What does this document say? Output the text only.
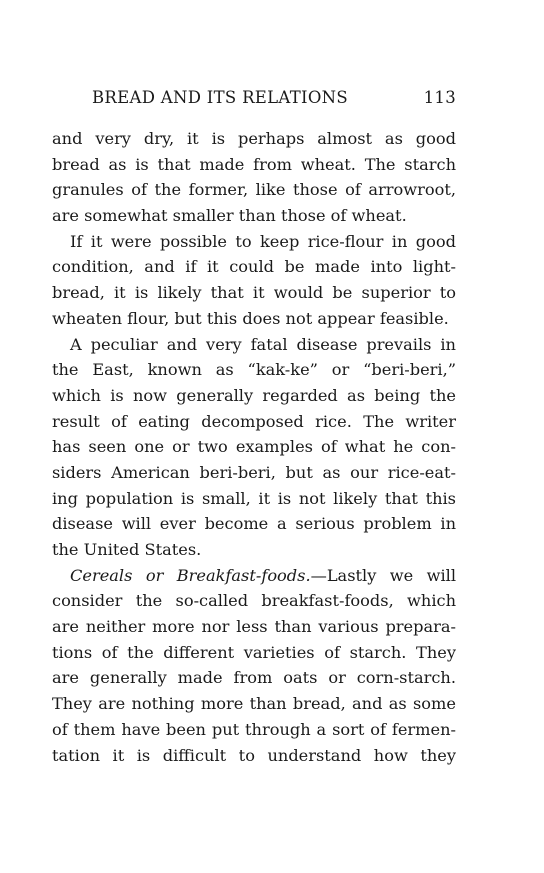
BREAD AND ITS RELATIONS	113
and very dry, it is perhaps almost as good
bread as is that made from wheat. The starch
granules of the former, like those of arrowroot,
are somewhat smaller than those of wheat.
If it were possible to keep rice-flour in good
condition, and if it could be made into light-
bread, it is likely that it would be superior to
wheaten flour, but this does not appear feasible.
A peculiar and very fatal disease prevails in
the East, known as “kak-ke” or “beri-beri,”
which is now generally regarded as being the
result of eating decomposed rice. The writer
has seen one or two examples of what he con-
siders American beri-beri, but as our rice-eat-
ing population is small, it is not likely that this
disease will ever become a serious problem in
the United States.
Cereals or Breakfast-foods.—Lastly we will
consider the so-called breakfast-foods, which
are neither more nor less than various prepara-
tions of the different varieties of starch. They
are generally made from oats or corn-starch.
They are nothing more than bread, and as some
of them have been put through a sort of fermen-
tation it is difficult to understand how they
